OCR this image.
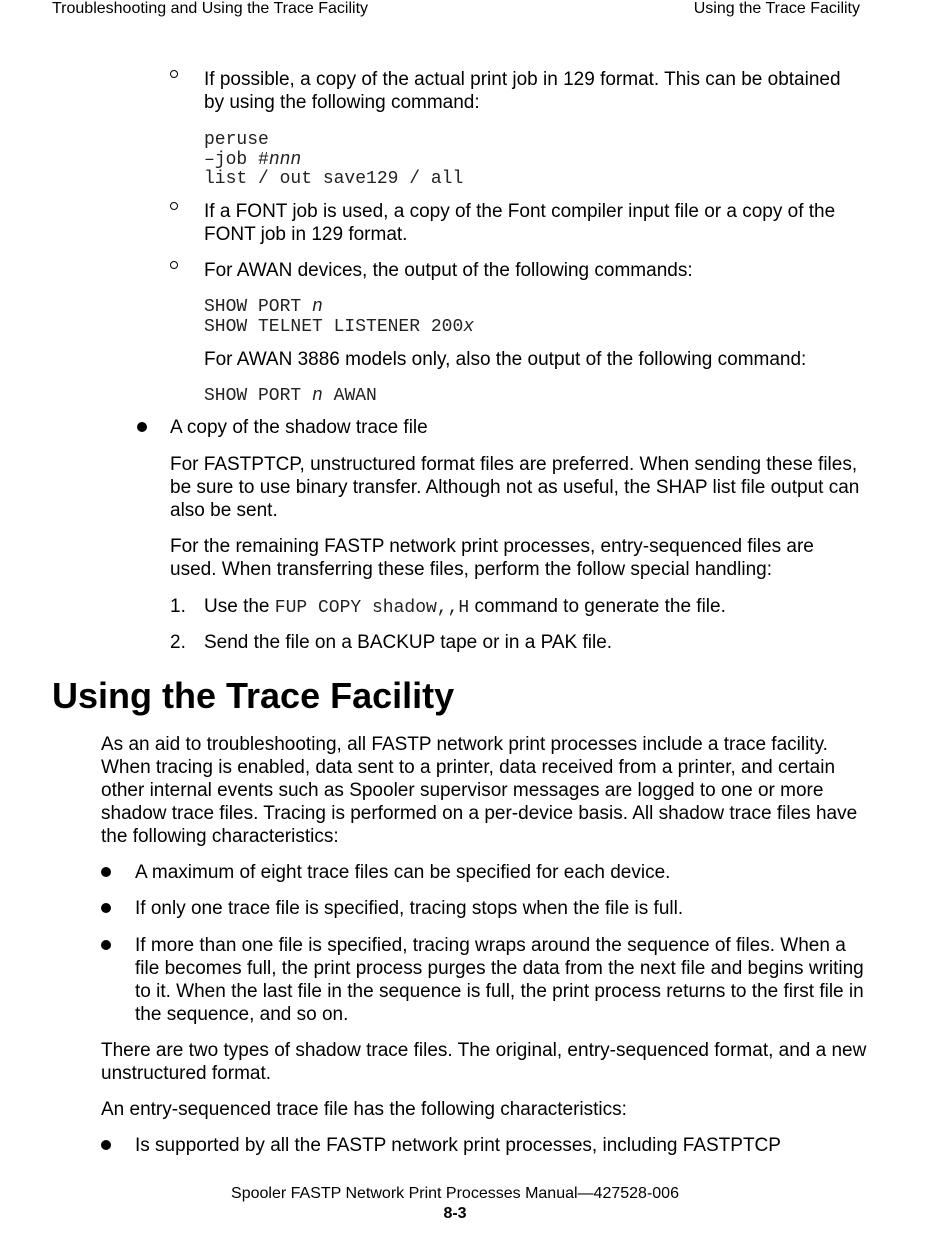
Troubleshooting and Using the Trace Facility	Using the Trace Facility

If possible, a copy of the actual print job in 129 format. This can be obtained by using the following command:

peruse
–job #nnn
list / out save129 / all

If a FONT job is used, a copy of the Font compiler input file or a copy of the FONT job in 129 format.

For AWAN devices, the output of the following commands:

SHOW PORT n
SHOW TELNET LISTENER 200x

For AWAN 3886 models only, also the output of the following command:

SHOW PORT n AWAN

A copy of the shadow trace file

For FASTPTCP, unstructured format files are preferred. When sending these files, be sure to use binary transfer. Although not as useful, the SHAP list file output can also be sent.

For the remaining FASTP network print processes, entry-sequenced files are used. When transferring these files, perform the follow special handling:

1. Use the FUP COPY shadow,,H command to generate the file.

2. Send the file on a BACKUP tape or in a PAK file.

Using the Trace Facility

As an aid to troubleshooting, all FASTP network print processes include a trace facility. When tracing is enabled, data sent to a printer, data received from a printer, and certain other internal events such as Spooler supervisor messages are logged to one or more shadow trace files. Tracing is performed on a per-device basis. All shadow trace files have the following characteristics:

A maximum of eight trace files can be specified for each device.

If only one trace file is specified, tracing stops when the file is full.

If more than one file is specified, tracing wraps around the sequence of files. When a file becomes full, the print process purges the data from the next file and begins writing to it. When the last file in the sequence is full, the print process returns to the first file in the sequence, and so on.

There are two types of shadow trace files. The original, entry-sequenced format, and a new unstructured format.

An entry-sequenced trace file has the following characteristics:

Is supported by all the FASTP network print processes, including FASTPTCP

Spooler FASTP Network Print Processes Manual—427528-006

8-3
